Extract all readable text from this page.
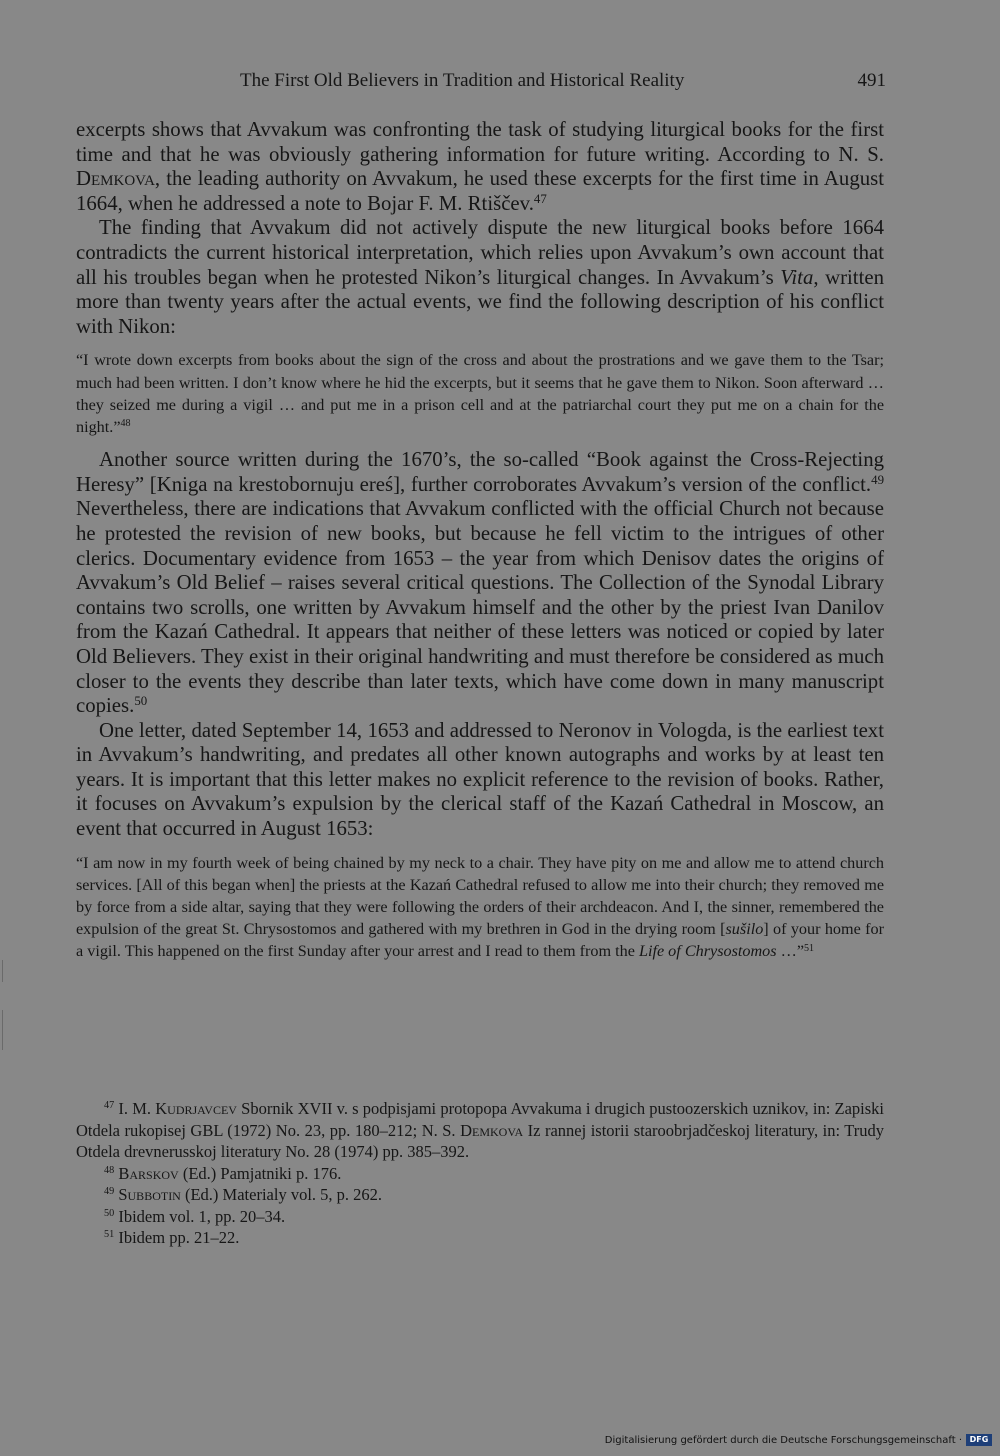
The First Old Believers in Tradition and Historical Reality	491

excerpts shows that Avvakum was confronting the task of studying liturgical books for the first time and that he was obviously gathering information for future writing. According to N. S. Demkova, the leading authority on Avvakum, he used these excerpts for the first time in August 1664, when he addressed a note to Bojar F. M. Rtiščev.$^{47}$

The finding that Avvakum did not actively dispute the new liturgical books before 1664 contradicts the current historical interpretation, which relies upon Avvakum’s own account that all his troubles began when he protested Nikon’s liturgical changes. In Avvakum’s Vita, written more than twenty years after the actual events, we find the following description of his conflict with Nikon:

“I wrote down excerpts from books about the sign of the cross and about the prostrations and we gave them to the Tsar; much had been written. I don’t know where he hid the excerpts, but it seems that he gave them to Nikon. Soon afterward … they seized me during a vigil … and put me in a prison cell and at the patriarchal court they put me on a chain for the night.”$^{48}$

Another source written during the 1670’s, the so-called “Book against the Cross-Rejecting Heresy” [Kniga na krestobornuju ereś], further corroborates Avvakum’s version of the conflict.$^{49}$ Nevertheless, there are indications that Avvakum conflicted with the official Church not because he protested the revision of new books, but because he fell victim to the intrigues of other clerics. Documentary evidence from 1653 – the year from which Denisov dates the origins of Avvakum’s Old Belief – raises several critical questions. The Collection of the Synodal Library contains two scrolls, one written by Avvakum himself and the other by the priest Ivan Danilov from the Kazań Cathedral. It appears that neither of these letters was noticed or copied by later Old Believers. They exist in their original handwriting and must therefore be considered as much closer to the events they describe than later texts, which have come down in many manuscript copies.$^{50}$

One letter, dated September 14, 1653 and addressed to Neronov in Vologda, is the earliest text in Avvakum’s handwriting, and predates all other known autographs and works by at least ten years. It is important that this letter makes no explicit reference to the revision of books. Rather, it focuses on Avvakum’s expulsion by the clerical staff of the Kazań Cathedral in Moscow, an event that occurred in August 1653:

“I am now in my fourth week of being chained by my neck to a chair. They have pity on me and allow me to attend church services. [All of this began when] the priests at the Kazań Cathedral refused to allow me into their church; they removed me by force from a side altar, saying that they were following the orders of their archdeacon. And I, the sinner, remembered the expulsion of the great St. Chrysostomos and gathered with my brethren in God in the drying room [sušilo] of your home for a vigil. This happened on the first Sunday after your arrest and I read to them from the Life of Chrysostomos …”$^{51}$

$^{47}$ I. M. Kudrjavcev Sbornik XVII v. s podpisjami protopopa Avvakuma i drugich pustoozerskich uznikov, in: Zapiski Otdela rukopisej GBL (1972) No. 23, pp. 180–212; N. S. Demkova Iz rannej istorii staroobrjadčeskoj literatury, in: Trudy Otdela drevnerusskoj literatury No. 28 (1974) pp. 385–392.

$^{48}$ Barskov (Ed.) Pamjatniki p. 176.

$^{49}$ Subbotin (Ed.) Materialy vol. 5, p. 262.

$^{50}$ Ibidem vol. 1, pp. 20–34.

$^{51}$ Ibidem pp. 21–22.

Digitalisierung gefördert durch die Deutsche Forschungsgemeinschaft · DFG
